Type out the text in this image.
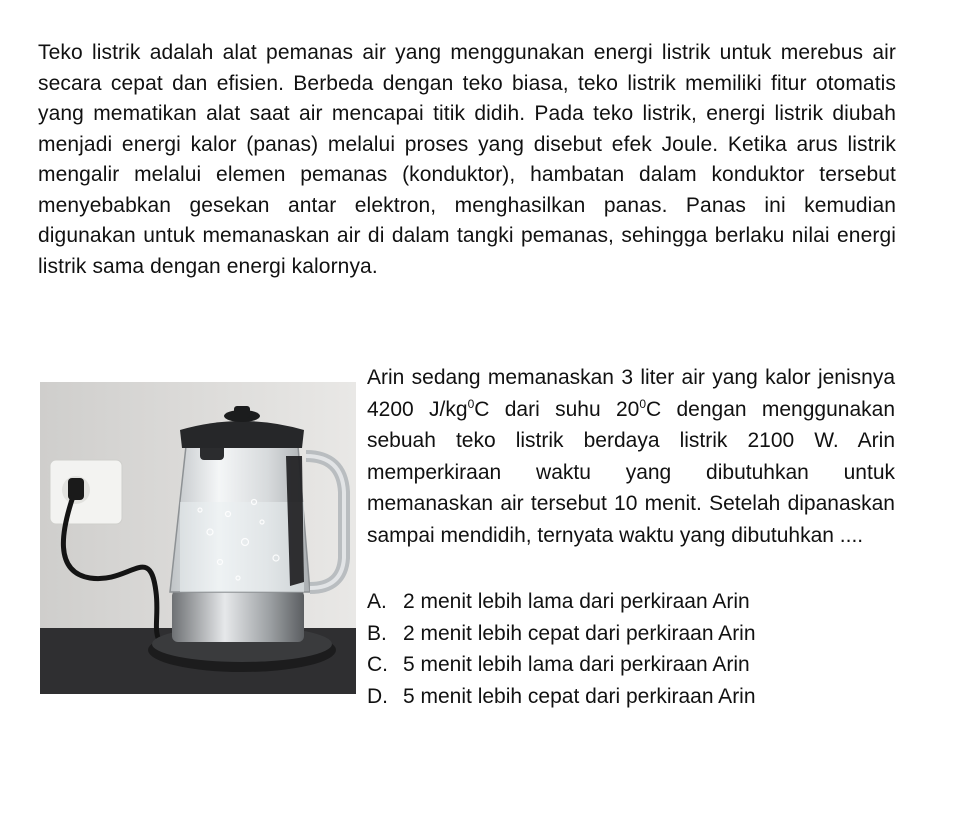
Teko listrik adalah alat pemanas air yang menggunakan energi listrik untuk merebus air secara cepat dan efisien. Berbeda dengan teko biasa, teko listrik memiliki fitur otomatis yang mematikan alat saat air mencapai titik didih. Pada teko listrik, energi listrik diubah menjadi energi kalor (panas) melalui proses yang disebut efek Joule. Ketika arus listrik mengalir melalui elemen pemanas (konduktor), hambatan dalam konduktor tersebut menyebabkan gesekan antar elektron, menghasilkan panas. Panas ini kemudian digunakan untuk memanaskan air di dalam tangki pemanas, sehingga berlaku nilai energi listrik sama dengan energi kalornya.

Arin sedang memanaskan 3 liter air yang kalor jenisnya 4200 $J/kg^0C$ dari suhu $20^0C$ dengan menggunakan sebuah teko listrik berdaya listrik 2100 W. Arin memperkiraan waktu yang dibutuhkan untuk memanaskan air tersebut 10 menit. Setelah dipanaskan sampai mendidih, ternyata waktu yang dibutuhkan ....

A. 2 menit lebih lama dari perkiraan Arin
B. 2 menit lebih cepat dari perkiraan Arin
C. 5 menit lebih lama dari perkiraan Arin
D. 5 menit lebih cepat dari perkiraan Arin
